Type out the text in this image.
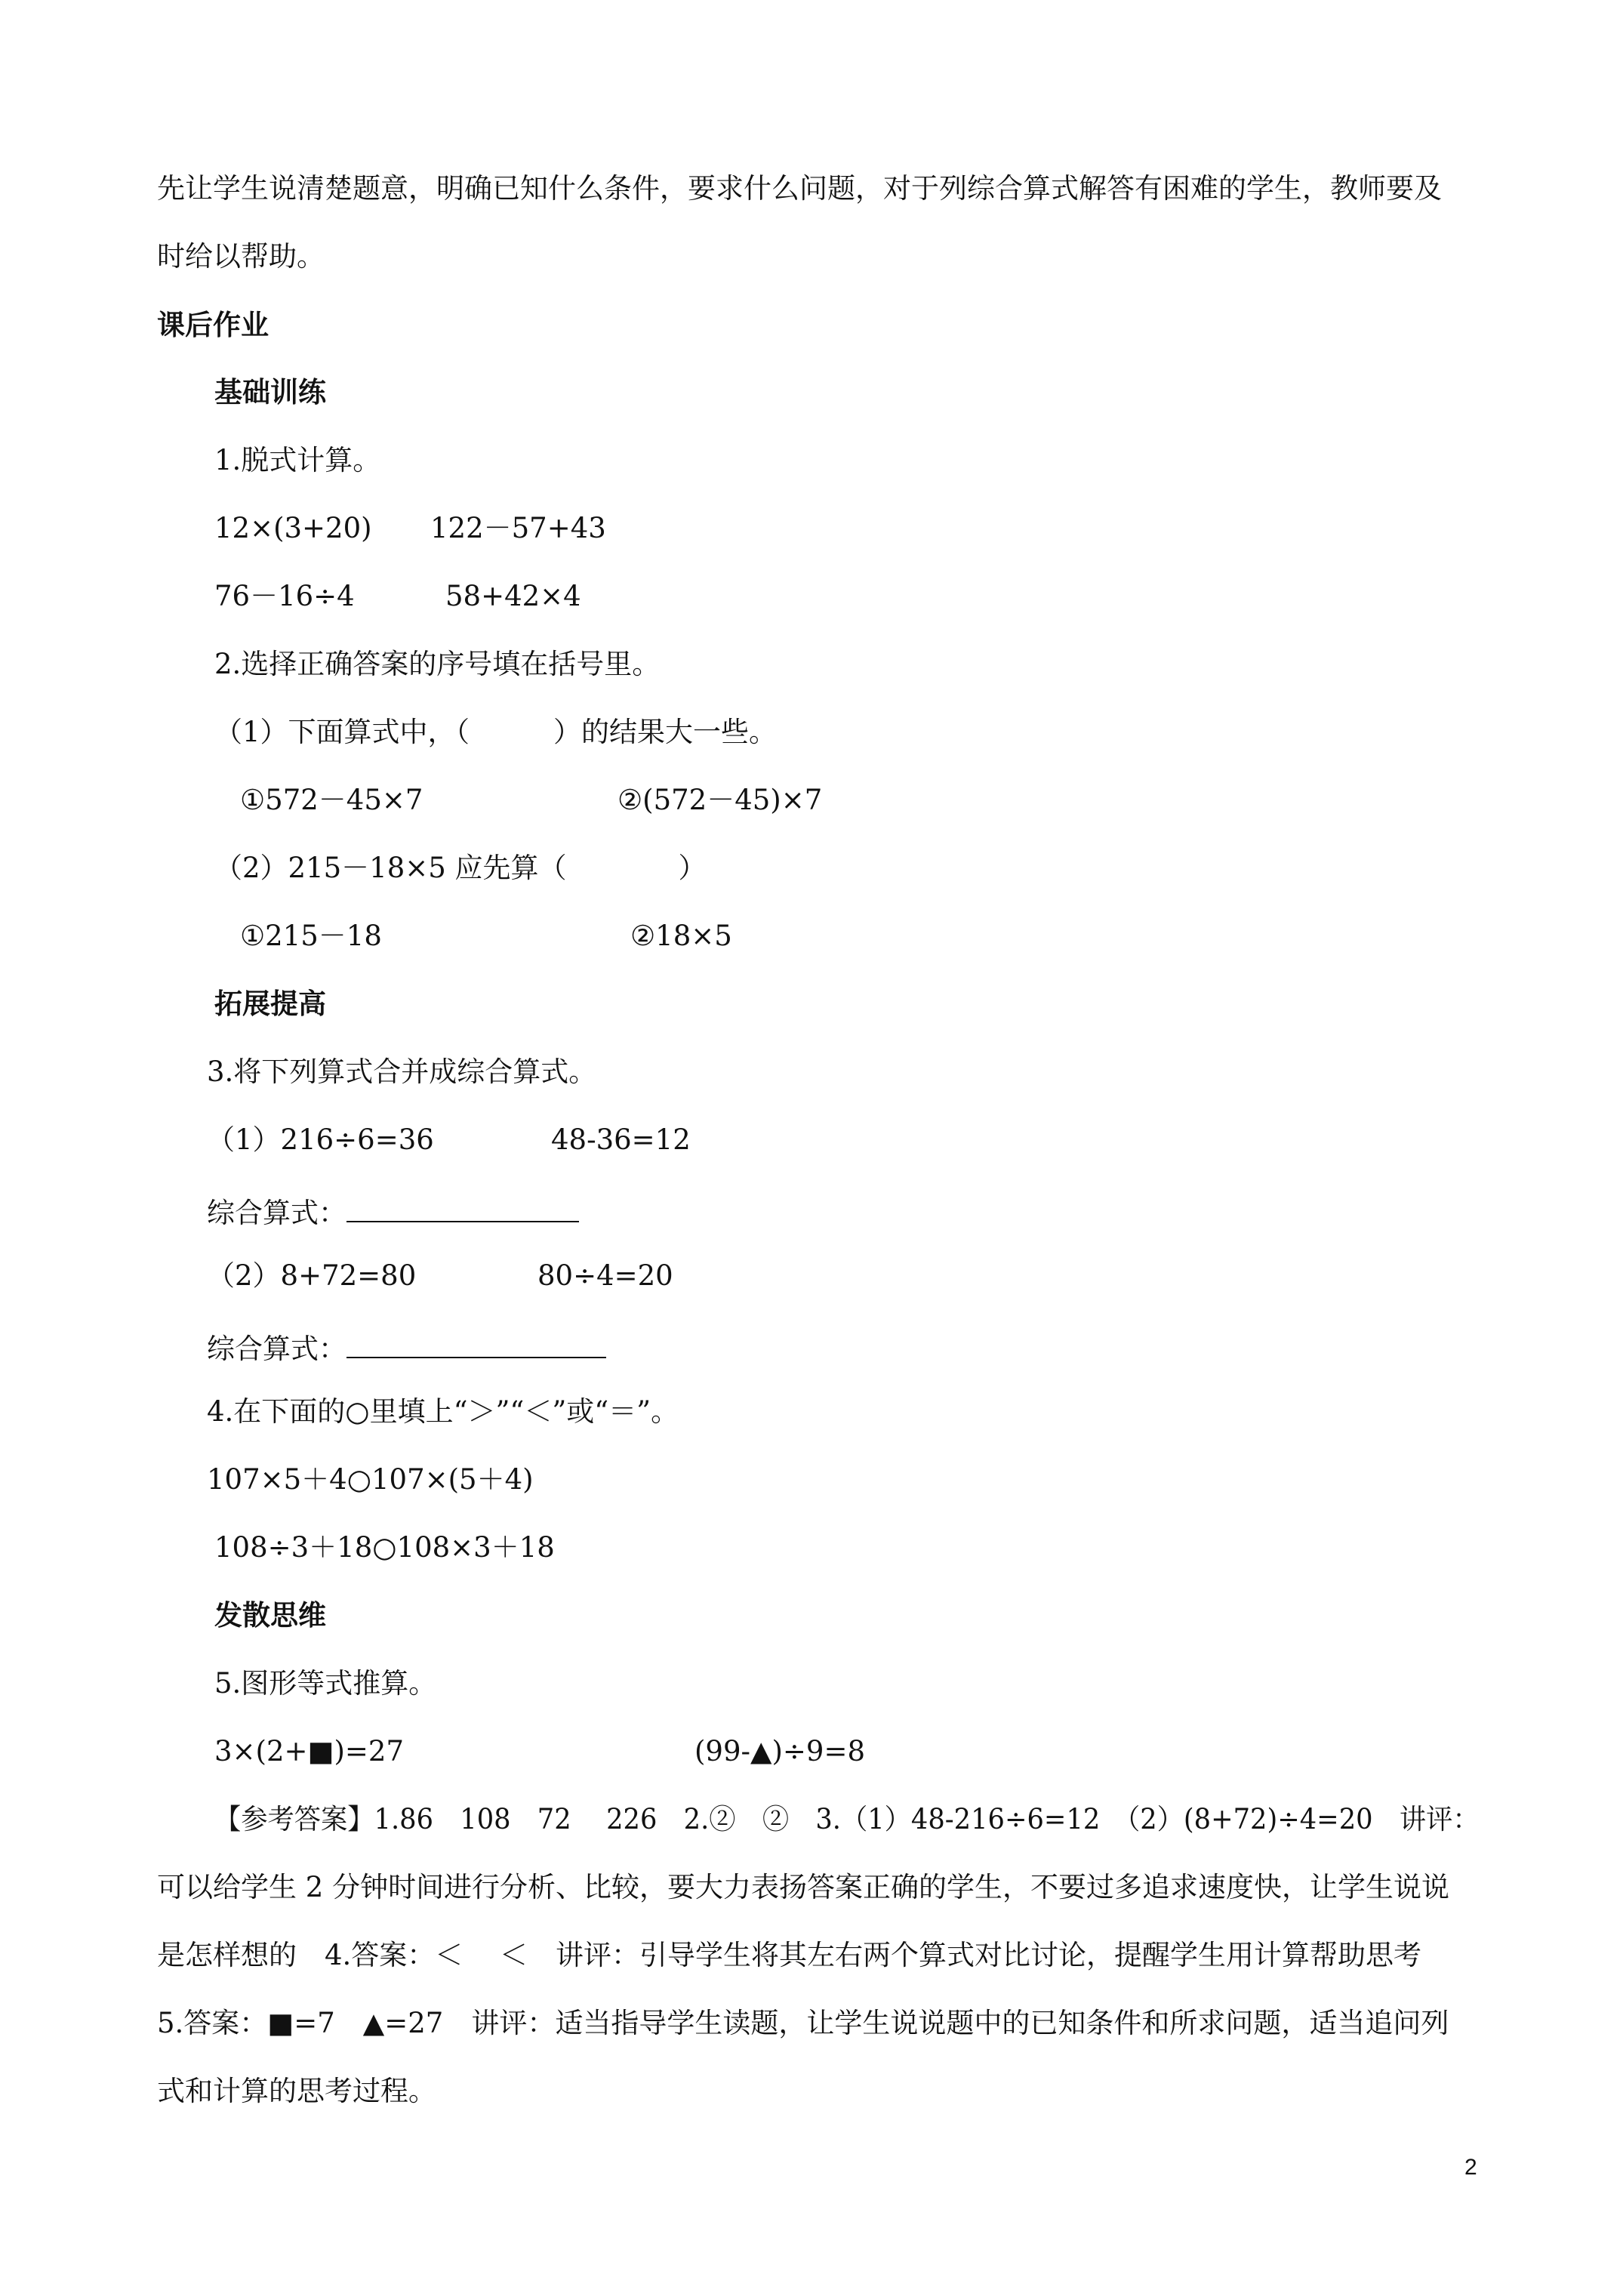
先让学生说清楚题意，明确已知什么条件，要求什么问题，对于列综合算式解答有困难的学生，教师要及
时给以帮助。
课后作业
基础训练
1.脱式计算。
12×(3+20) 122－57+43
76－16÷4	58+42×4
2.选择正确答案的序号填在括号里。
（1）下面算式中，（　　　）的结果大一些。
①572－45×7	②(572－45)×7
（2）215－18×5 应先算（　　　　）
①215－18	②18×5
拓展提高
3.将下列算式合并成综合算式。
（1）216÷6=36	48-36=12
综合算式：
（2）8+72=80	80÷4=20
综合算式：
4.在下面的○里填上“＞”“＜”或“＝”。
107×5＋4○107×(5＋4)
108÷3＋18○108×3＋18
发散思维
5.图形等式推算。
3×(2+■)=27	(99-▲)÷9=8
【参考答案】1.86　108　72　 226　2.②　②　3.（1）48-216÷6=12　（2）(8+72)÷4=20　讲评：
可以给学生 2 分钟时间进行分析、比较，要大力表扬答案正确的学生，不要过多追求速度快，让学生说说
是怎样想的　4.答案：＜　 ＜　讲评：引导学生将其左右两个算式对比讨论，提醒学生用计算帮助思考
5.答案：■=7　▲=27　讲评：适当指导学生读题，让学生说说题中的已知条件和所求问题，适当追问列
式和计算的思考过程。
2
